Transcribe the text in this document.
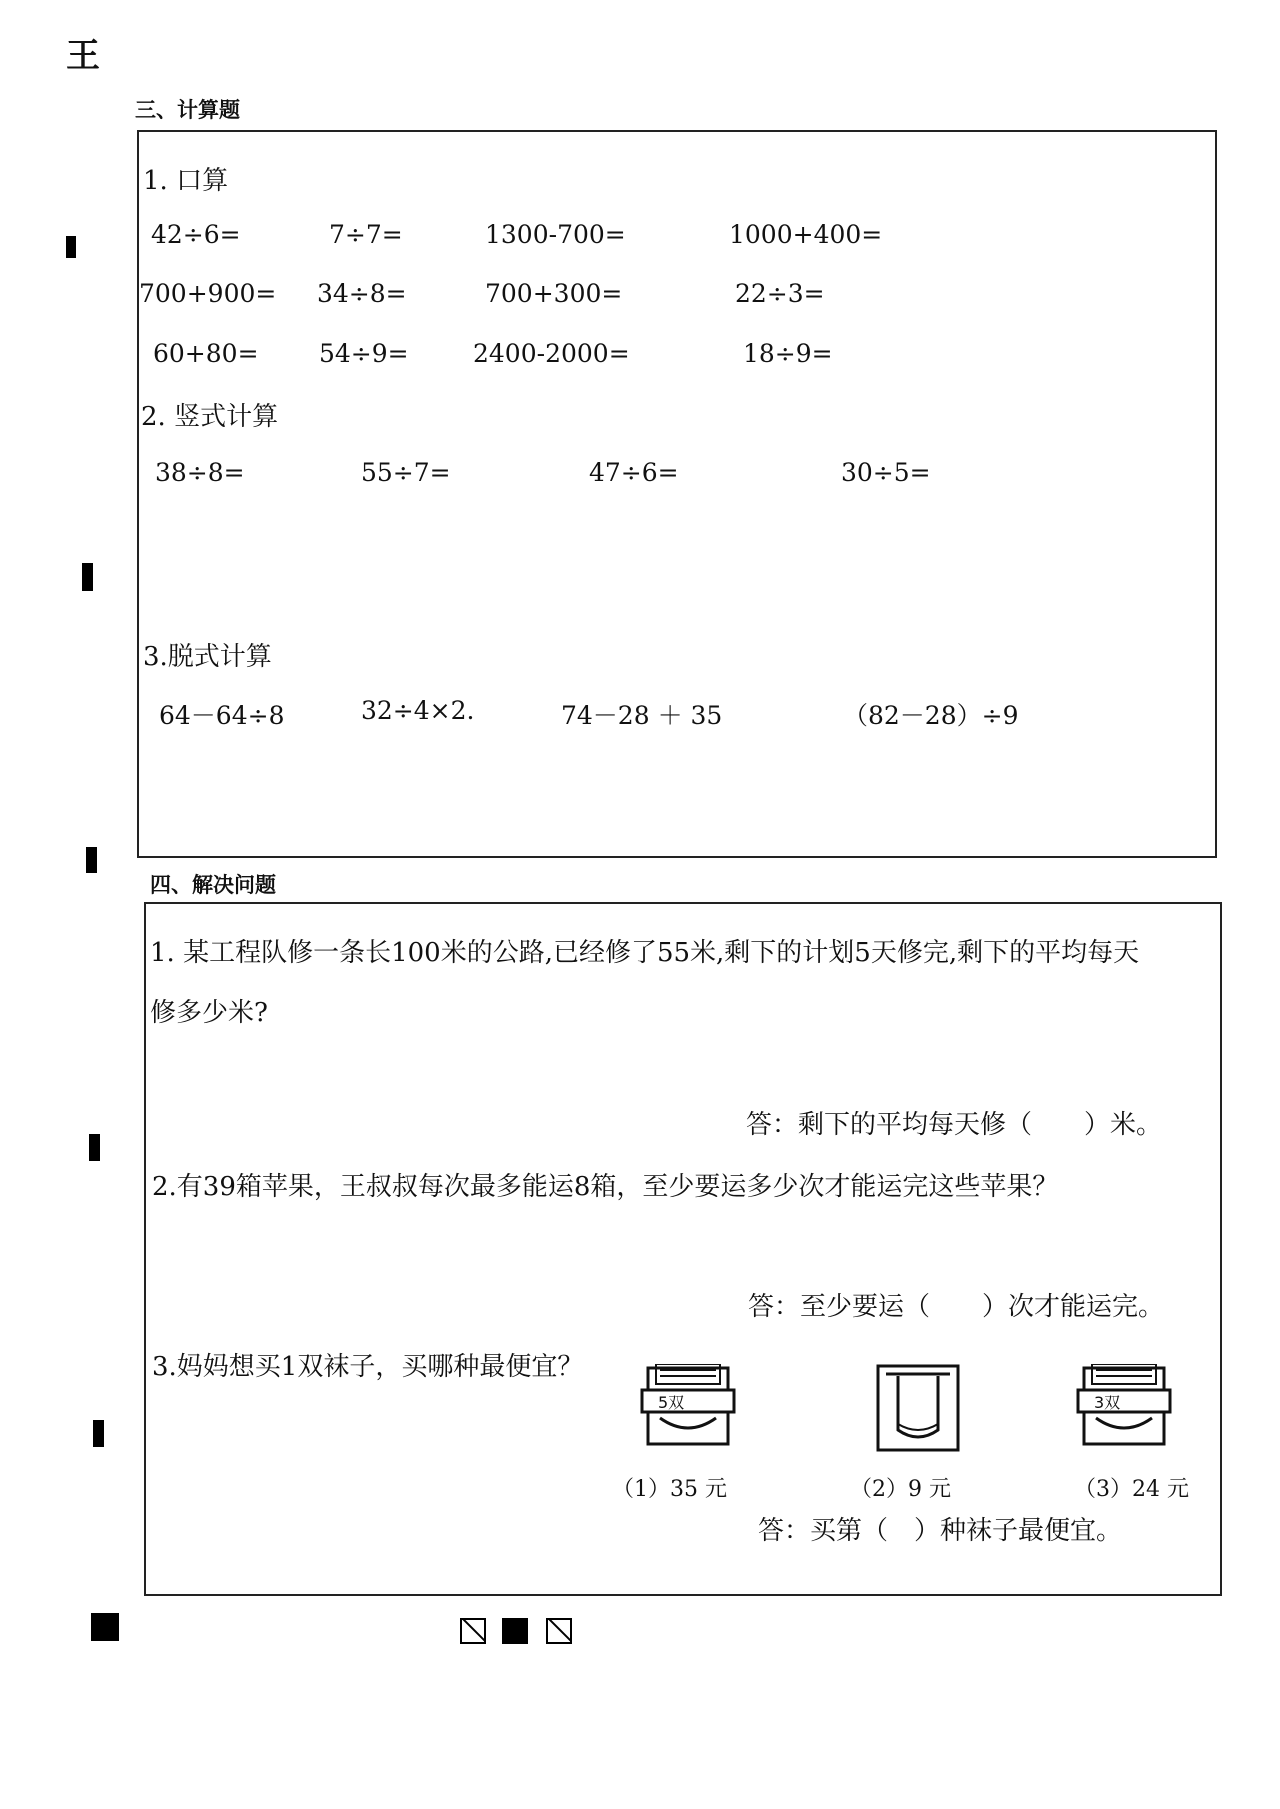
王
三、计算题
1. 口算
42÷6=	7÷7=	1300-700=	1000+400=
700+900= 34÷8=	700+300=	22÷3=
60+80= 54÷9=	2400-2000=	18÷9=
2. 竖式计算
38÷8=	55÷7=	47÷6=	30÷5=
3.脱式计算
64－64÷8	32÷4×2.	74－28 ＋ 35	（82－28）÷9
四、解决问题
1. 某工程队修一条长100米的公路,已经修了55米,剩下的计划5天修完,剩下的平均每天
修多少米?
答：剩下的平均每天修（　　）米。
2.有39箱苹果，王叔叔每次最多能运8箱，至少要运多少次才能运完这些苹果？
答：至少要运（　　）次才能运完。
3.妈妈想买1双袜子，买哪种最便宜？
5双
（1）35 元	（2）9 元
3双
（3）24 元
答：买第（　）种袜子最便宜。
